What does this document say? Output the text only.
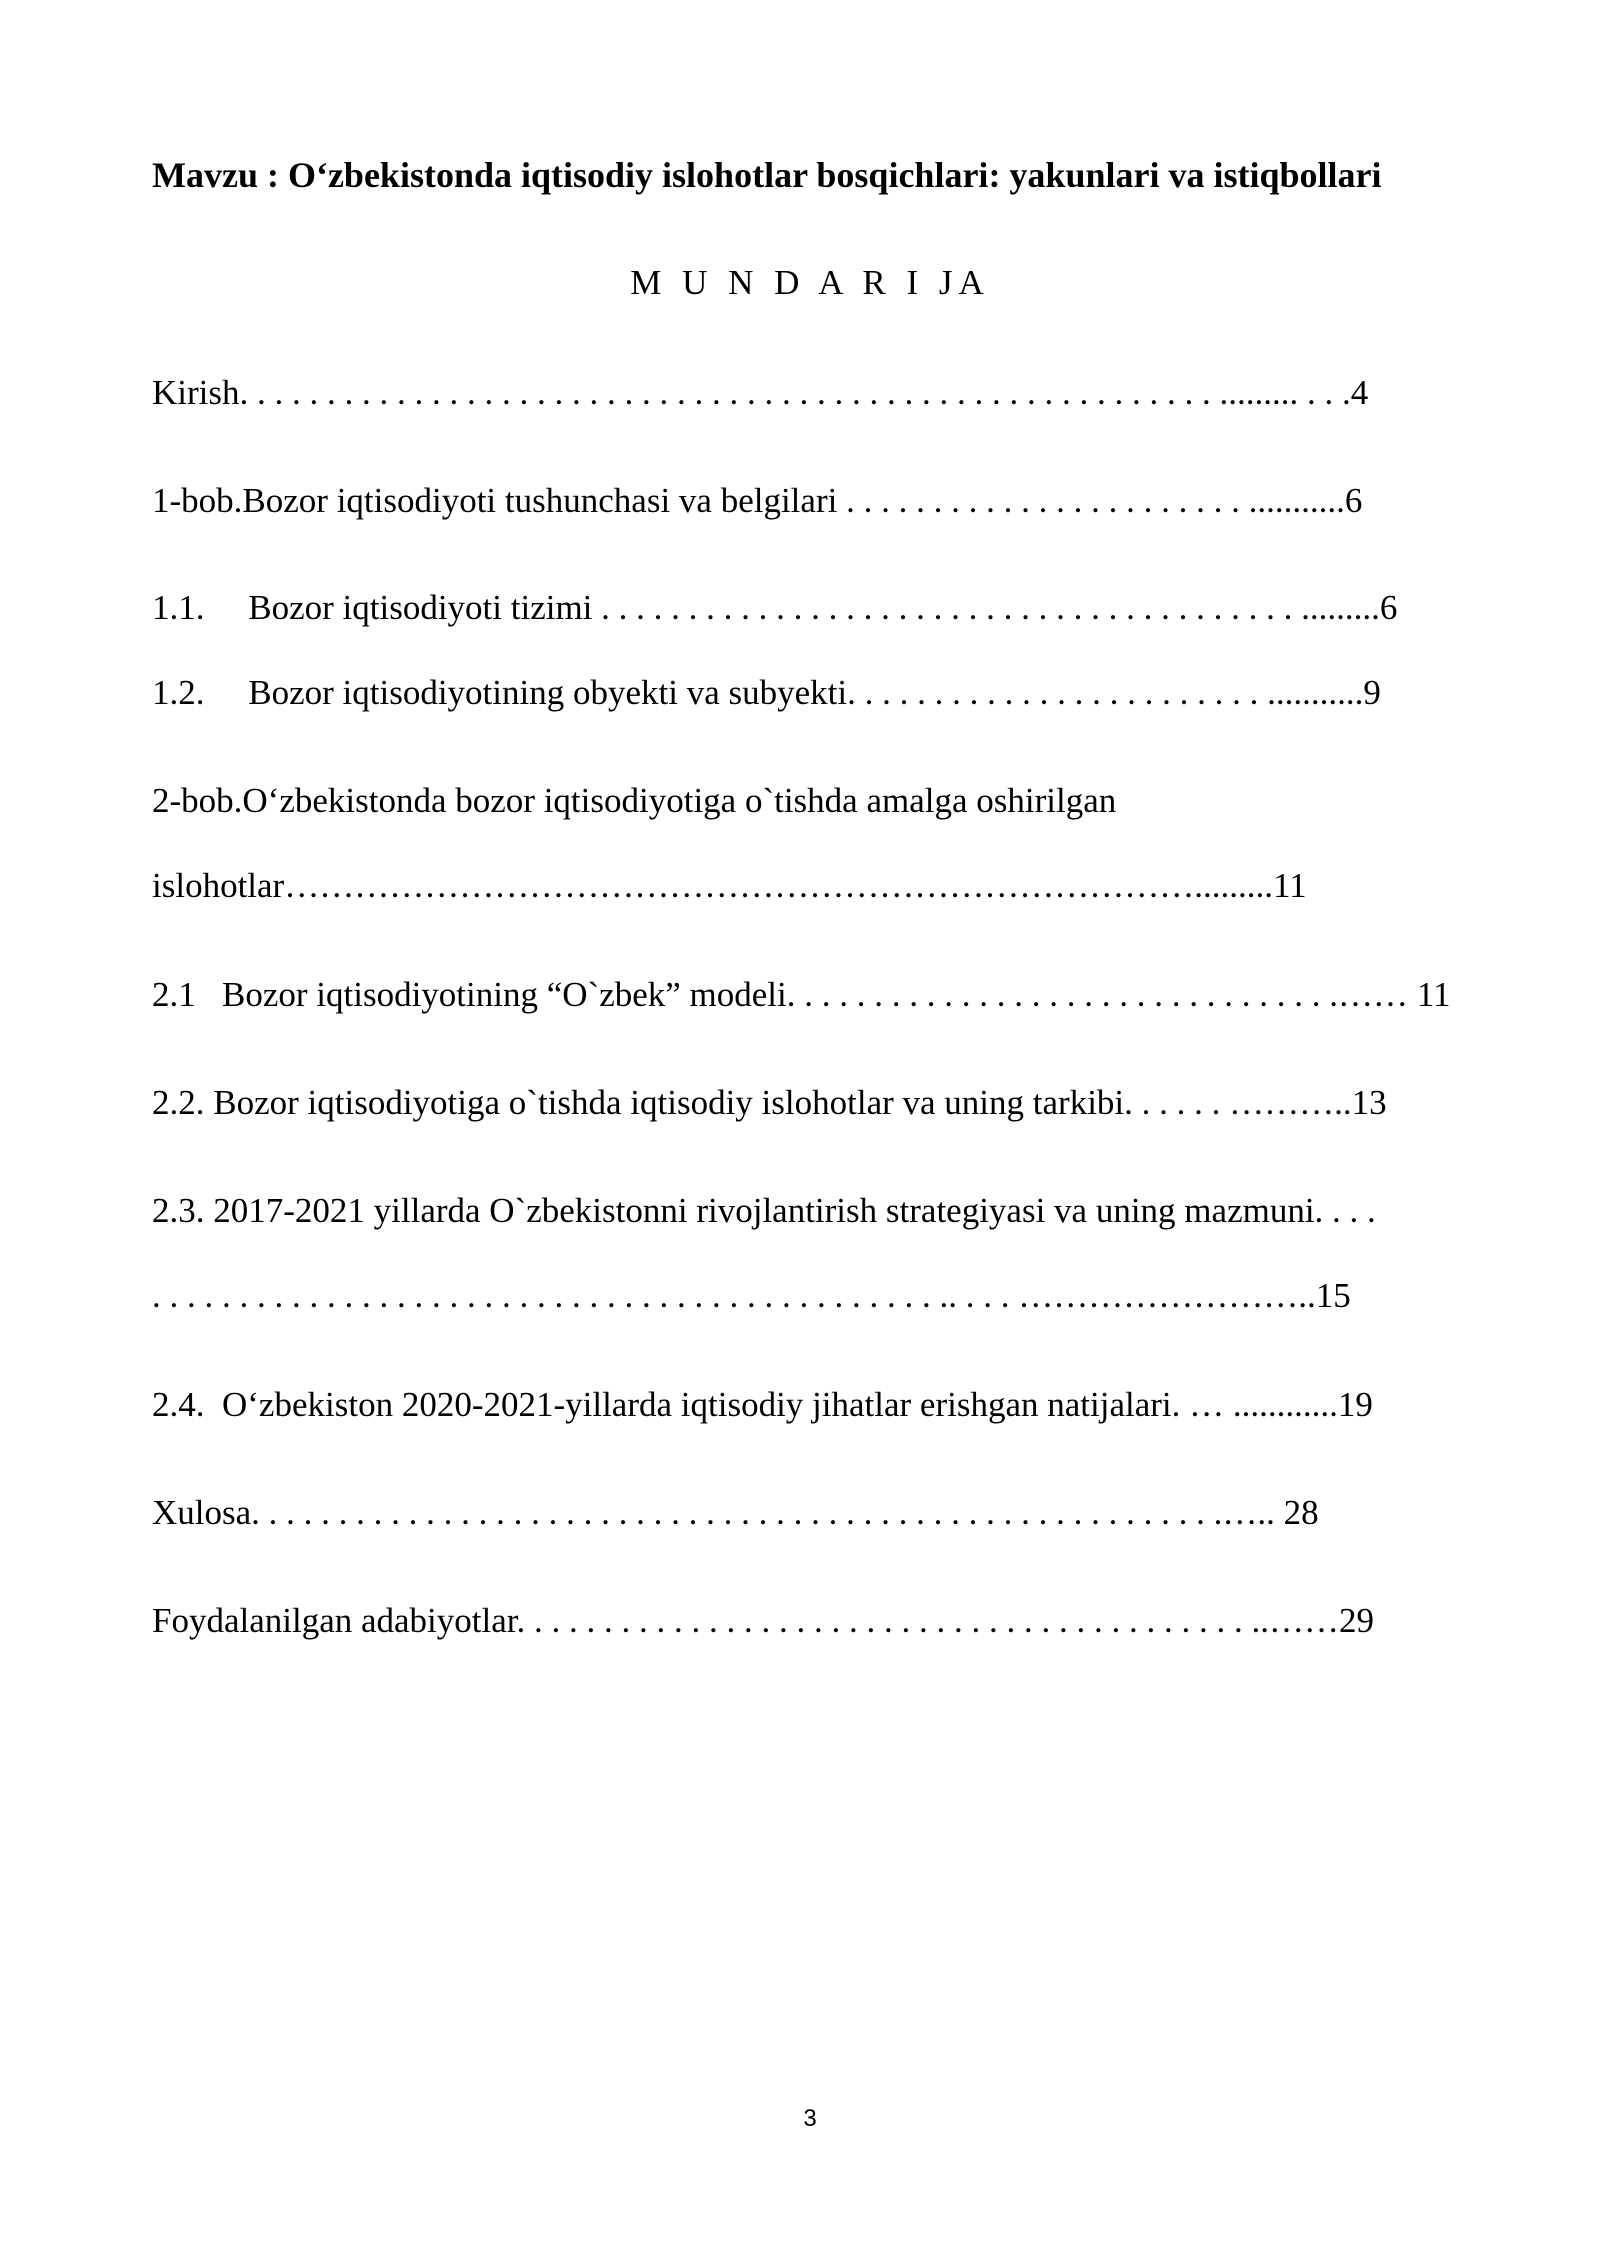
Mavzu : O‘zbekistonda iqtisodiy islohotlar bosqichlari: yakunlari va istiqbollari
M U N D A R I JA
Kirish. . . . . . . . . . . . . . . . . . . . . . . . . . . . . . . . . . . . . . . . . . . . . . . . . . . . . . . . ......... . . .4
1-bob.Bozor iqtisodiyoti tushunchasi va belgilari . . . . . . . . . . . . . . . . . . . . . . . ...........6
1.1.     Bozor iqtisodiyoti tizimi . . . . . . . . . . . . . . . . . . . . . . . . . . . . . . . . . . . . . . . . .........6
1.2.     Bozor iqtisodiyotining obyekti va subyekti. . . . . . . . . . . . . . . . . . . . . . . . ...........9
2-bob.O‘zbekistonda bozor iqtisodiyotiga o`tishda amalga oshirilgan
islohotlar…………………………………………………………………….........11
2.1   Bozor iqtisodiyotining “O`zbek” modeli. . . . . . . . . . . . . . . . . . . . . . . . . . . . . . . .…… 11
2.2. Bozor iqtisodiyotiga o`tishda iqtisodiy islohotlar va uning tarkibi. . . . . . ………..13
2.3. 2017-2021 yillarda O`zbekistonni rivojlantirish strategiyasi va uning mazmuni. . . .
. . . . . . . . . . . . . . . . . . . . . . . . . . . . . . . . . . . . . . . . . . . . . .. . . . ……………………..15
2.4.  O‘zbekiston 2020-2021-yillarda iqtisodiy jihatlar erishgan natijalari. … ............19
Xulosa. . . . . . . . . . . . . . . . . . . . . . . . . . . . . . . . . . . . . . . . . . . . . . . . . . . . . . . .….. 28
Foydalanilgan adabiyotlar. . . . . . . . . . . . . . . . . . . . . . . . . . . . . . . . . . . . . . . . . . ..……29
3
